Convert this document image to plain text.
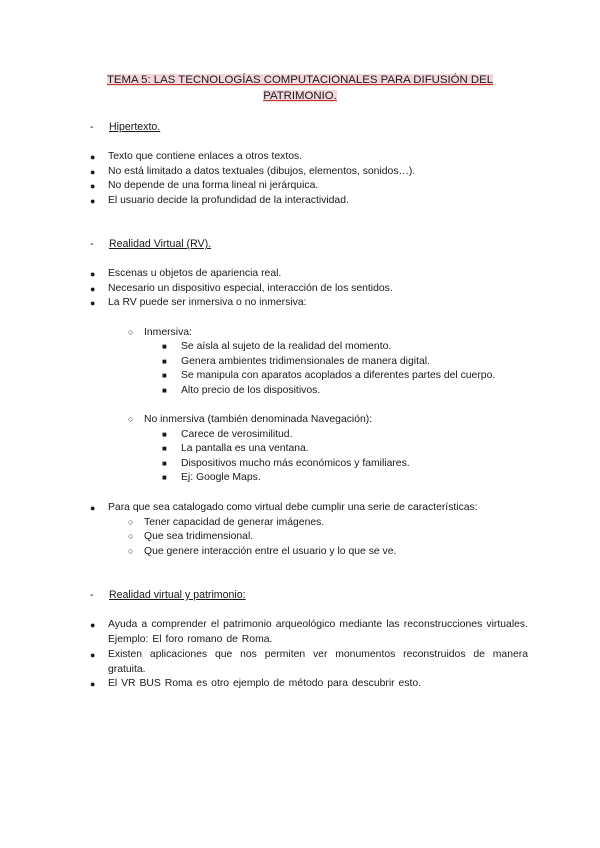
TEMA 5: LAS TECNOLOGÍAS COMPUTACIONALES PARA DIFUSIÓN DEL
PATRIMONIO.
- Hipertexto.
● Texto que contiene enlaces a otros textos.
● No está limitado a datos textuales (dibujos, elementos, sonidos…).
● No depende de una forma lineal ni jerárquica.
● El usuario decide la profundidad de la interactividad.
- Realidad Virtual (RV).
● Escenas u objetos de apariencia real.
● Necesario un dispositivo especial, interacción de los sentidos.
● La RV puede ser inmersiva o no inmersiva:
○ Inmersiva:
■ Se aísla al sujeto de la realidad del momento.
■ Genera ambientes tridimensionales de manera digital.
■ Se manipula con aparatos acoplados a diferentes partes del cuerpo.
■ Alto precio de los dispositivos.
○ No inmersiva (también denominada Navegación):
■ Carece de verosimilitud.
■ La pantalla es una ventana.
■ Dispositivos mucho más económicos y familiares.
■ Ej: Google Maps.
● Para que sea catalogado como virtual debe cumplir una serie de características:
○ Tener capacidad de generar imágenes.
○ Que sea tridimensional.
○ Que genere interacción entre el usuario y lo que se ve.
- Realidad virtual y patrimonio:
● Ayuda a comprender el patrimonio arqueológico mediante las reconstrucciones virtuales. Ejemplo: El foro romano de Roma.
● Existen aplicaciones que nos permiten ver monumentos reconstruidos de manera gratuita.
● El VR BUS Roma es otro ejemplo de método para descubrir esto.
